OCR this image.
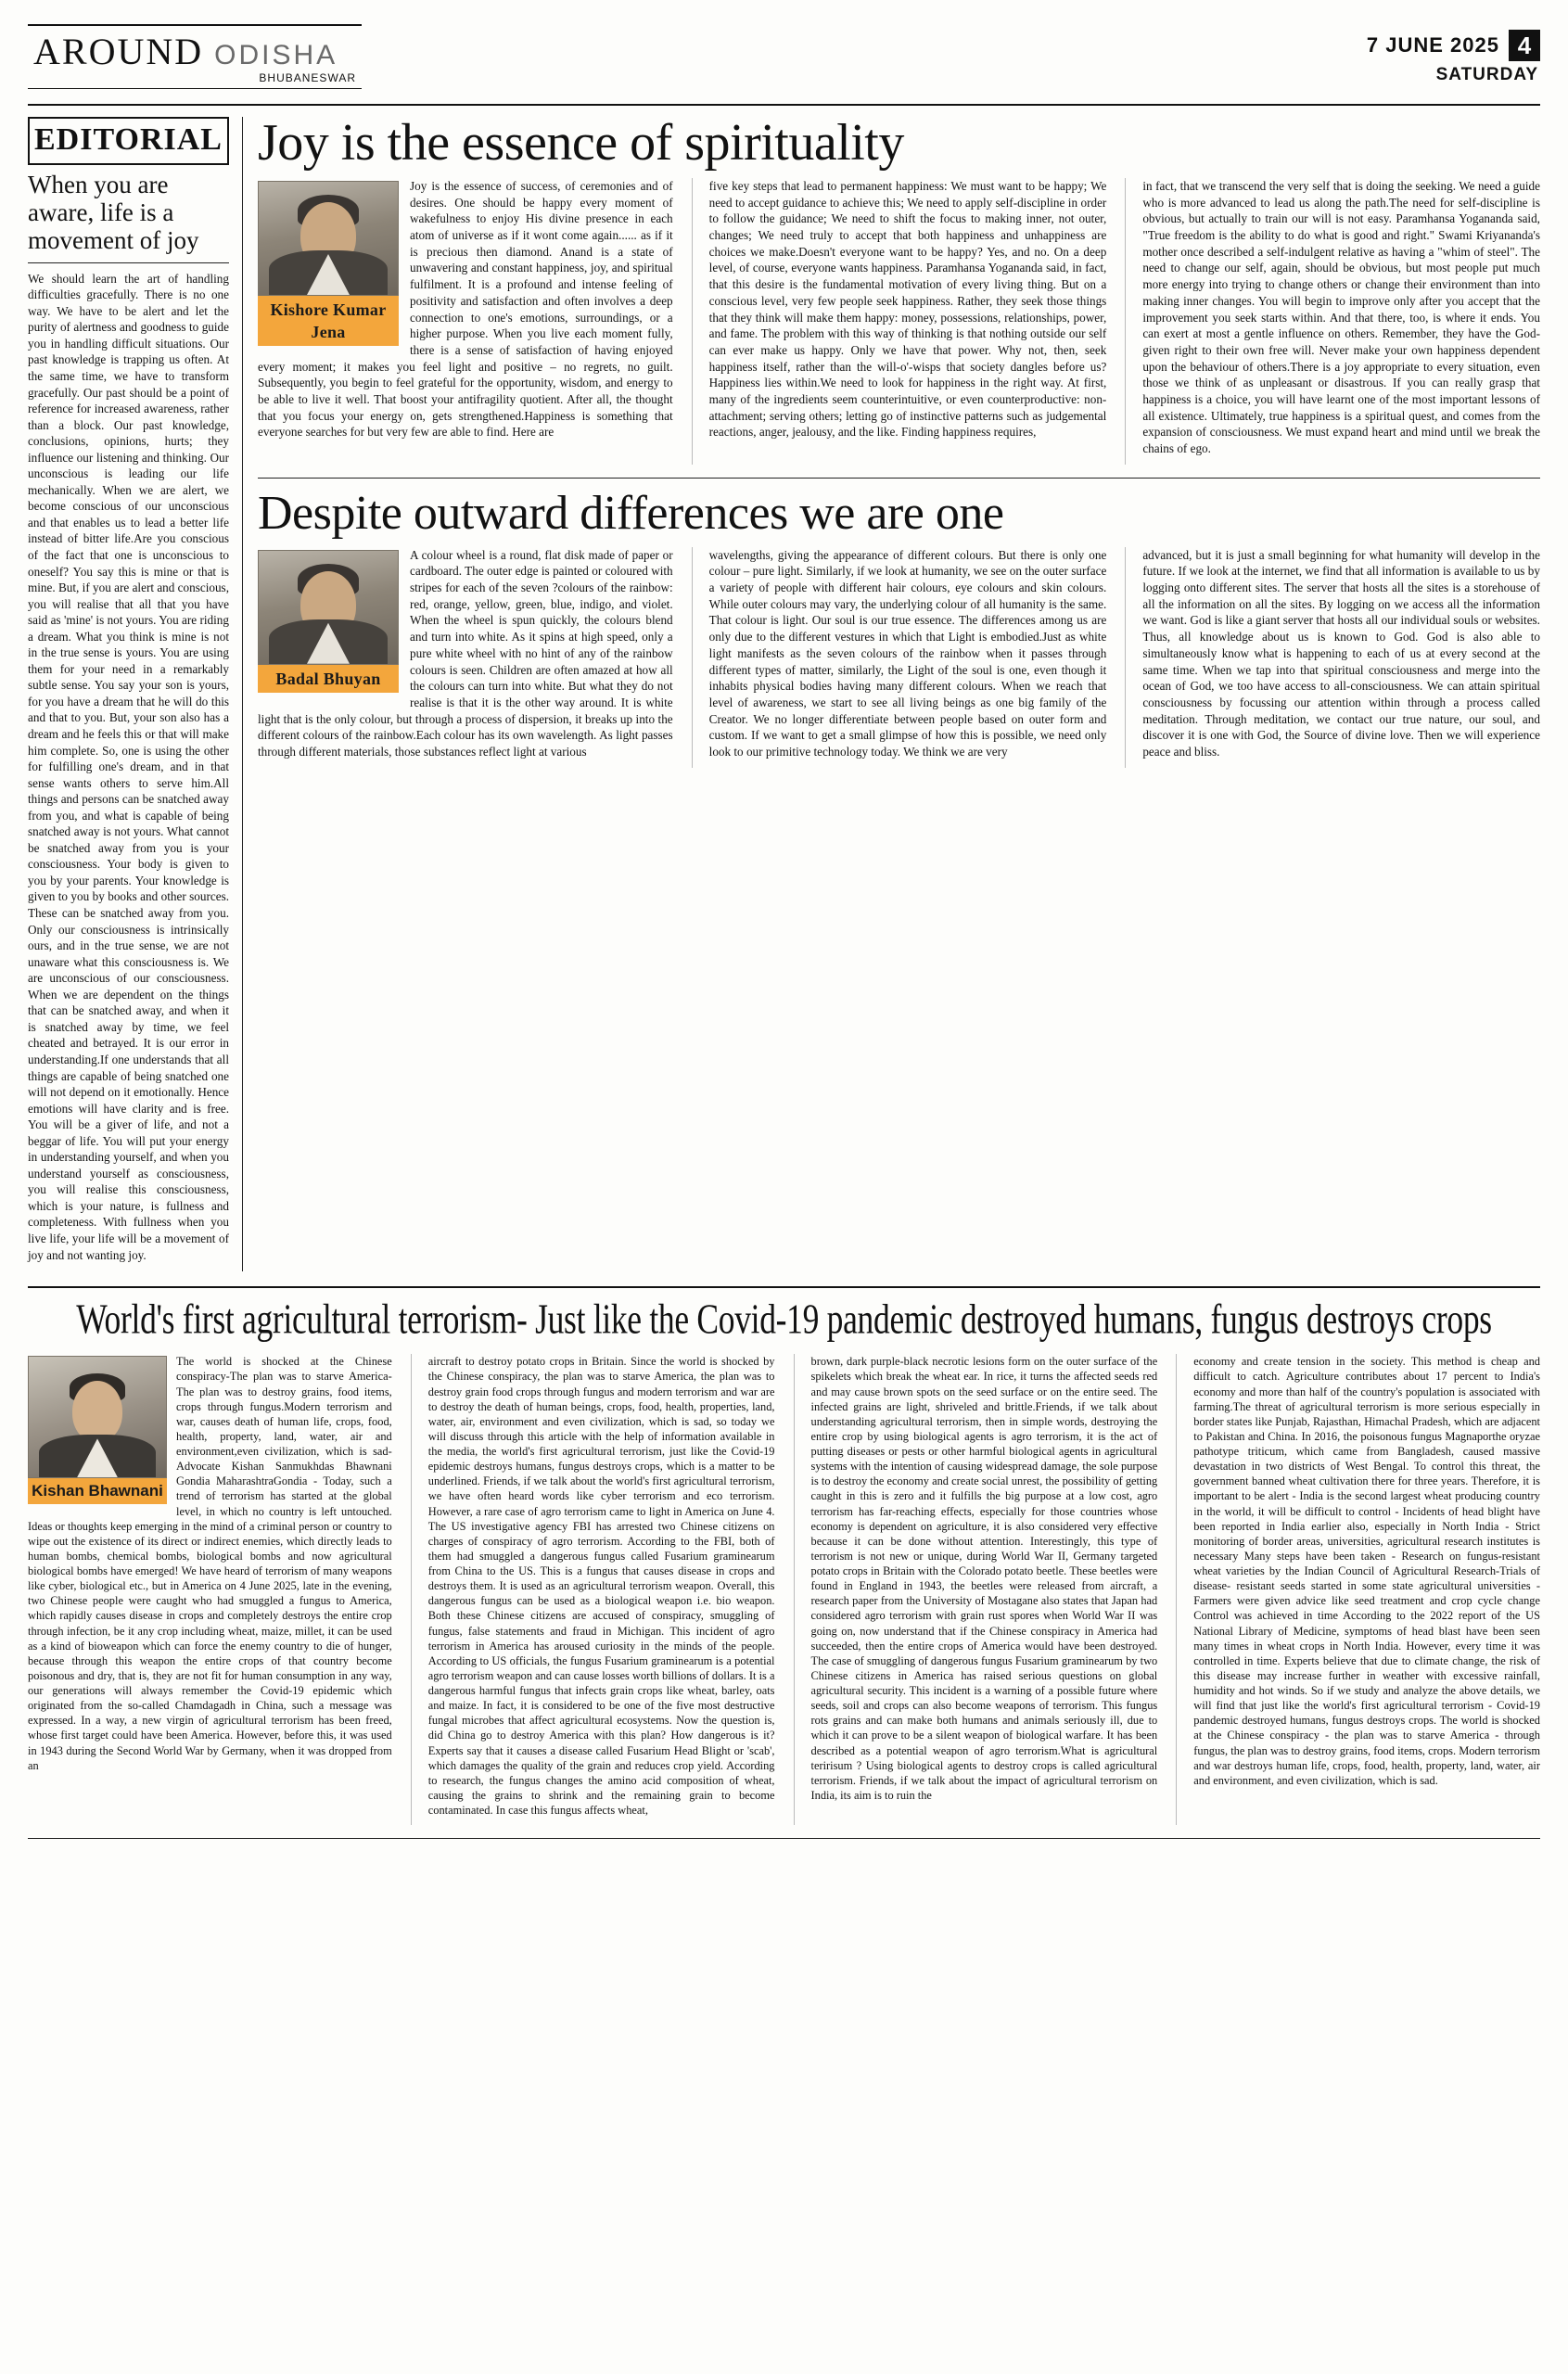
AROUND ODISHA
BHUBANESWAR
7 JUNE 2025 4
SATURDAY
EDITORIAL
When you are aware, life is a movement of joy

We should learn the art of handling difficulties gracefully. There is no one way. We have to be alert and let the purity of alertness and goodness to guide you in handling difficult situations. Our past knowledge is trapping us often. At the same time, we have to transform gracefully. Our past should be a point of reference for increased awareness, rather than a block. Our past knowledge, conclusions, opinions, hurts; they influence our listening and thinking. Our unconscious is leading our life mechanically. When we are alert, we become conscious of our unconscious and that enables us to lead a better life instead of bitter life.Are you conscious of the fact that one is unconscious to oneself? You say this is mine or that is mine. But, if you are alert and conscious, you will realise that all that you have said as 'mine' is not yours. You are riding a dream. What you think is mine is not in the true sense is yours. You are using them for your need in a remarkably subtle sense. You say your son is yours, for you have a dream that he will do this and that to you. But, your son also has a dream and he feels this or that will make him complete. So, one is using the other for fulfilling one's dream, and in that sense wants others to serve him.All things and persons can be snatched away from you, and what is capable of being snatched away is not yours. What cannot be snatched away from you is your consciousness. Your body is given to you by your parents. Your knowledge is given to you by books and other sources. These can be snatched away from you. Only our consciousness is intrinsically ours, and in the true sense, we are not unaware what this consciousness is. We are unconscious of our consciousness. When we are dependent on the things that can be snatched away, and when it is snatched away by time, we feel cheated and betrayed. It is our error in understanding.If one understands that all things are capable of being snatched one will not depend on it emotionally. Hence emotions will have clarity and is free. You will be a giver of life, and not a beggar of life. You will put your energy in understanding yourself, and when you understand yourself as consciousness, you will realise this consciousness, which is your nature, is fullness and completeness. With fullness when you live life, your life will be a movement of joy and not wanting joy.

Joy is the essence of spirituality
Kishore Kumar Jena

Joy is the essence of success, of ceremonies and of desires. One should be happy every moment of wakefulness to enjoy His divine presence in each atom of universe as if it wont come again...... as if it is precious then diamond. Anand is a state of unwavering and constant happiness, joy, and spiritual fulfilment. It is a profound and intense feeling of positivity and satisfaction and often involves a deep connection to one's emotions, surroundings, or a higher purpose. When you live each moment fully, there is a sense of satisfaction of having enjoyed every moment; it makes you feel light and positive – no regrets, no guilt. Subsequently, you begin to feel grateful for the opportunity, wisdom, and energy to be able to live it well. That boost your antifragility quotient. After all, the thought that you focus your energy on, gets strengthened.Happiness is something that everyone searches for but very few are able to find. Here are

five key steps that lead to permanent happiness: We must want to be happy; We need to accept guidance to achieve this; We need to apply self-discipline in order to follow the guidance; We need to shift the focus to making inner, not outer, changes; We need truly to accept that both happiness and unhappiness are choices we make.Doesn't everyone want to be happy? Yes, and no. On a deep level, of course, everyone wants happiness. Paramhansa Yogananda said, in fact, that this desire is the fundamental motivation of every living thing. But on a conscious level, very few people seek happiness. Rather, they seek those things that they think will make them happy: money, possessions, relationships, power, and fame. The problem with this way of thinking is that nothing outside our self can ever make us happy. Only we have that power. Why not, then, seek happiness itself, rather than the will-o'-wisps that society dangles before us? Happiness lies within.We need to look for happiness in the right way. At first, many of the ingredients seem counterintuitive, or even counterproductive: non-attachment; serving others; letting go of instinctive patterns such as judgemental reactions, anger, jealousy, and the like. Finding happiness requires,

in fact, that we transcend the very self that is doing the seeking. We need a guide who is more advanced to lead us along the path.The need for self-discipline is obvious, but actually to train our will is not easy. Paramhansa Yogananda said, "True freedom is the ability to do what is good and right." Swami Kriyananda's mother once described a self-indulgent relative as having a "whim of steel". The need to change our self, again, should be obvious, but most people put much more energy into trying to change others or change their environment than into making inner changes. You will begin to improve only after you accept that the improvement you seek starts within. And that there, too, is where it ends. You can exert at most a gentle influence on others. Remember, they have the God-given right to their own free will. Never make your own happiness dependent upon the behaviour of others.There is a joy appropriate to every situation, even those we think of as unpleasant or disastrous. If you can really grasp that happiness is a choice, you will have learnt one of the most important lessons of all existence. Ultimately, true happiness is a spiritual quest, and comes from the expansion of consciousness. We must expand heart and mind until we break the chains of ego.

Despite outward differences we are one
Badal Bhuyan

A colour wheel is a round, flat disk made of paper or cardboard. The outer edge is painted or coloured with stripes for each of the seven ?colours of the rainbow: red, orange, yellow, green, blue, indigo, and violet. When the wheel is spun quickly, the colours blend and turn into white. As it spins at high speed, only a pure white wheel with no hint of any of the rainbow colours is seen. Children are often amazed at how all the colours can turn into white. But what they do not realise is that it is the other way around. It is white light that is the only colour, but through a process of dispersion, it breaks up into the different colours of the rainbow.Each colour has its own wavelength. As light passes through different materials, those substances reflect light at various

wavelengths, giving the appearance of different colours. But there is only one colour – pure light. Similarly, if we look at humanity, we see on the outer surface a variety of people with different hair colours, eye colours and skin colours. While outer colours may vary, the underlying colour of all humanity is the same. That colour is light. Our soul is our true essence. The differences among us are only due to the different vestures in which that Light is embodied.Just as white light manifests as the seven colours of the rainbow when it passes through different types of matter, similarly, the Light of the soul is one, even though it inhabits physical bodies having many different colours. When we reach that level of awareness, we start to see all living beings as one big family of the Creator. We no longer differentiate between people based on outer form and custom. If we want to get a small glimpse of how this is possible, we need only look to our primitive technology today. We think we are very

advanced, but it is just a small beginning for what humanity will develop in the future. If we look at the internet, we find that all information is available to us by logging onto different sites. The server that hosts all the sites is a storehouse of all the information on all the sites. By logging on we access all the information we want. God is like a giant server that hosts all our individual souls or websites. Thus, all knowledge about us is known to God. God is also able to simultaneously know what is happening to each of us at every second at the same time. When we tap into that spiritual consciousness and merge into the ocean of God, we too have access to all-consciousness. We can attain spiritual consciousness by focussing our attention within through a process called meditation. Through meditation, we contact our true nature, our soul, and discover it is one with God, the Source of divine love. Then we will experience peace and bliss.

World's first agricultural terrorism- Just like the Covid-19 pandemic destroyed humans, fungus destroys crops
Kishan Bhawnani

The world is shocked at the Chinese conspiracy-The plan was to starve America-The plan was to destroy grains, food items, crops through fungus.Modern terrorism and war, causes death of human life, crops, food, health, property, land, water, air and environment,even civilization, which is sad-Advocate Kishan Sanmukhdas Bhawnani Gondia MaharashtraGondia - Today, such a trend of terrorism has started at the global level, in which no country is left untouched. Ideas or thoughts keep emerging in the mind of a criminal person or country to wipe out the existence of its direct or indirect enemies, which directly leads to human bombs, chemical bombs, biological bombs and now agricultural biological bombs have emerged! We have heard of terrorism of many weapons like cyber, biological etc., but in America on 4 June 2025, late in the evening, two Chinese people were caught who had smuggled a fungus to America, which rapidly causes disease in crops and completely destroys the entire crop through infection, be it any crop including wheat, maize, millet, it can be used as a kind of bioweapon which can force the enemy country to die of hunger, because through this weapon the entire crops of that country become poisonous and dry, that is, they are not fit for human consumption in any way, our generations will always remember the Covid-19 epidemic which originated from the so-called Chamdagadh in China, such a message was expressed. In a way, a new virgin of agricultural terrorism has been freed, whose first target could have been America. However, before this, it was used in 1943 during the Second World War by Germany, when it was dropped from an

aircraft to destroy potato crops in Britain. Since the world is shocked by the Chinese conspiracy, the plan was to starve America, the plan was to destroy grain food crops through fungus and modern terrorism and war are to destroy the death of human beings, crops, food, health, properties, land, water, air, environment and even civilization, which is sad, so today we will discuss through this article with the help of information available in the media, the world's first agricultural terrorism, just like the Covid-19 epidemic destroys humans, fungus destroys crops, which is a matter to be underlined. Friends, if we talk about the world's first agricultural terrorism, we have often heard words like cyber terrorism and eco terrorism. However, a rare case of agro terrorism came to light in America on June 4. The US investigative agency FBI has arrested two Chinese citizens on charges of conspiracy of agro terrorism. According to the FBI, both of them had smuggled a dangerous fungus called Fusarium graminearum from China to the US. This is a fungus that causes disease in crops and destroys them. It is used as an agricultural terrorism weapon. Overall, this dangerous fungus can be used as a biological weapon i.e. bio weapon. Both these Chinese citizens are accused of conspiracy, smuggling of fungus, false statements and fraud in Michigan. This incident of agro terrorism in America has aroused curiosity in the minds of the people. According to US officials, the fungus Fusarium graminearum is a potential agro terrorism weapon and can cause losses worth billions of dollars. It is a dangerous harmful fungus that infects grain crops like wheat, barley, oats and maize. In fact, it is considered to be one of the five most destructive fungal microbes that affect agricultural ecosystems. Now the question is, did China go to destroy America with this plan? How dangerous is it? Experts say that it causes a disease called Fusarium Head Blight or 'scab', which damages the quality of the grain and reduces crop yield. According to research, the fungus changes the amino acid composition of wheat, causing the grains to shrink and the remaining grain to become contaminated. In case this fungus affects wheat,

brown, dark purple-black necrotic lesions form on the outer surface of the spikelets which break the wheat ear. In rice, it turns the affected seeds red and may cause brown spots on the seed surface or on the entire seed. The infected grains are light, shriveled and brittle.Friends, if we talk about understanding agricultural terrorism, then in simple words, destroying the entire crop by using biological agents is agro terrorism, it is the act of putting diseases or pests or other harmful biological agents in agricultural systems with the intention of causing widespread damage, the sole purpose is to destroy the economy and create social unrest, the possibility of getting caught in this is zero and it fulfills the big purpose at a low cost, agro terrorism has far-reaching effects, especially for those countries whose economy is dependent on agriculture, it is also considered very effective because it can be done without attention. Interestingly, this type of terrorism is not new or unique, during World War II, Germany targeted potato crops in Britain with the Colorado potato beetle. These beetles were found in England in 1943, the beetles were released from aircraft, a research paper from the University of Mostagane also states that Japan had considered agro terrorism with grain rust spores when World War II was going on, now understand that if the Chinese conspiracy in America had succeeded, then the entire crops of America would have been destroyed. The case of smuggling of dangerous fungus Fusarium graminearum by two Chinese citizens in America has raised serious questions on global agricultural security. This incident is a warning of a possible future where seeds, soil and crops can also become weapons of terrorism. This fungus rots grains and can make both humans and animals seriously ill, due to which it can prove to be a silent weapon of biological warfare. It has been described as a potential weapon of agro terrorism.What is agricultural teririsum ? Using biological agents to destroy crops is called agricultural terrorism. Friends, if we talk about the impact of agricultural terrorism on India, its aim is to ruin the

economy and create tension in the society. This method is cheap and difficult to catch. Agriculture contributes about 17 percent to India's economy and more than half of the country's population is associated with farming.The threat of agricultural terrorism is more serious especially in border states like Punjab, Rajasthan, Himachal Pradesh, which are adjacent to Pakistan and China. In 2016, the poisonous fungus Magnaporthe oryzae pathotype triticum, which came from Bangladesh, caused massive devastation in two districts of West Bengal. To control this threat, the government banned wheat cultivation there for three years. Therefore, it is important to be alert - India is the second largest wheat producing country in the world, it will be difficult to control - Incidents of head blight have been reported in India earlier also, especially in North India - Strict monitoring of border areas, universities, agricultural research institutes is necessary Many steps have been taken - Research on fungus-resistant wheat varieties by the Indian Council of Agricultural Research-Trials of disease- resistant seeds started in some state agricultural universities - Farmers were given advice like seed treatment and crop cycle change Control was achieved in time According to the 2022 report of the US National Library of Medicine, symptoms of head blast have been seen many times in wheat crops in North India. However, every time it was controlled in time. Experts believe that due to climate change, the risk of this disease may increase further in weather with excessive rainfall, humidity and hot winds. So if we study and analyze the above details, we will find that just like the world's first agricultural terrorism - Covid-19 pandemic destroyed humans, fungus destroys crops. The world is shocked at the Chinese conspiracy - the plan was to starve America - through fungus, the plan was to destroy grains, food items, crops. Modern terrorism and war destroys human life, crops, food, health, property, land, water, air and environment, and even civilization, which is sad.
